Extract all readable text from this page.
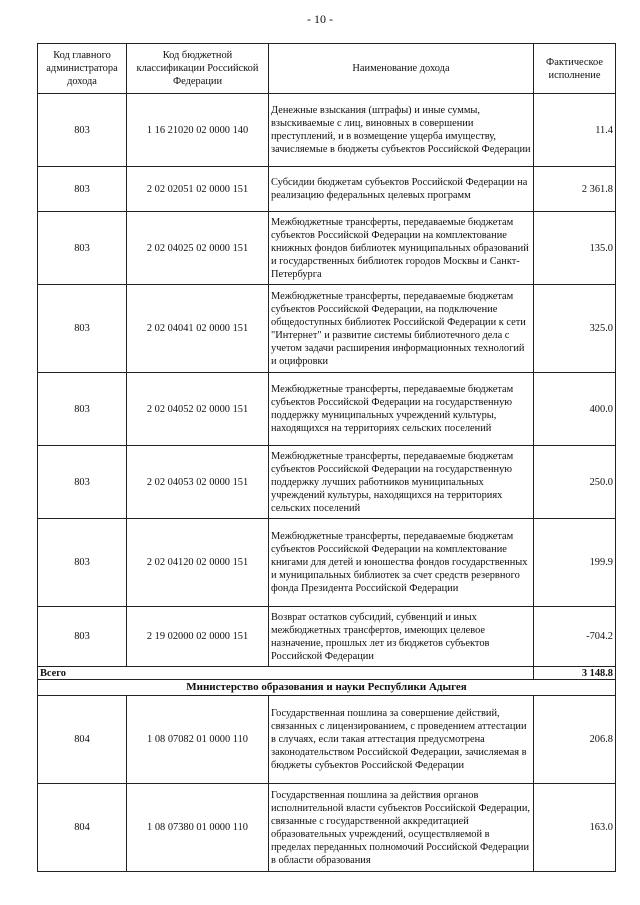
- 10 -
Код главного администратора дохода	Код бюджетной классификации Российской Федерации	Наименование дохода	Фактическое исполнение
803	1 16 21020 02 0000 140	Денежные взыскания (штрафы) и иные суммы, взыскиваемые с лиц, виновных в совершении преступлений, и в возмещение ущерба имуществу, зачисляемые в бюджеты субъектов Российской Федерации	11.4
803	2 02 02051 02 0000 151	Субсидии бюджетам субъектов Российской Федерации на реализацию федеральных целевых программ	2 361.8
803	2 02 04025 02 0000 151	Межбюджетные трансферты, передаваемые бюджетам субъектов Российской Федерации на комплектование книжных фондов библиотек муниципальных образований и государственных библиотек городов Москвы и Санкт-Петербурга	135.0
803	2 02 04041 02 0000 151	Межбюджетные трансферты, передаваемые бюджетам субъектов Российской Федерации, на подключение общедоступных библиотек Российской Федерации к сети "Интернет" и развитие системы библиотечного дела с учетом задачи расширения информационных технологий и оцифровки	325.0
803	2 02 04052 02 0000 151	Межбюджетные трансферты, передаваемые бюджетам субъектов Российской Федерации на государственную поддержку муниципальных учреждений культуры, находящихся на территориях сельских поселений	400.0
803	2 02 04053 02 0000 151	Межбюджетные трансферты, передаваемые бюджетам субъектов Российской Федерации на государственную поддержку лучших работников муниципальных учреждений культуры, находящихся на территориях сельских поселений	250.0
803	2 02 04120 02 0000 151	Межбюджетные трансферты, передаваемые бюджетам субъектов Российской Федерации на комплектование книгами для детей и юношества фондов государственных и муниципальных библиотек за счет средств резервного фонда Президента Российской Федерации	199.9
803	2 19 02000 02 0000 151	Возврат остатков субсидий, субвенций и иных межбюджетных трансфертов, имеющих целевое назначение, прошлых лет из бюджетов субъектов Российской Федерации	-704.2
Всего			3 148.8
Министерство образования и науки Республики Адыгея			
804	1 08 07082 01 0000 110	Государственная пошлина за совершение действий, связанных с лицензированием, с проведением аттестации в случаях, если такая аттестация предусмотрена законодательством Российской Федерации, зачисляемая в бюджеты субъектов Российской Федерации	206.8
804	1 08 07380 01 0000 110	Государственная пошлина за действия органов исполнительной власти субъектов Российской Федерации, связанные с государственной аккредитацией образовательных учреждений, осуществляемой в пределах переданных полномочий Российской Федерации в области образования	163.0
